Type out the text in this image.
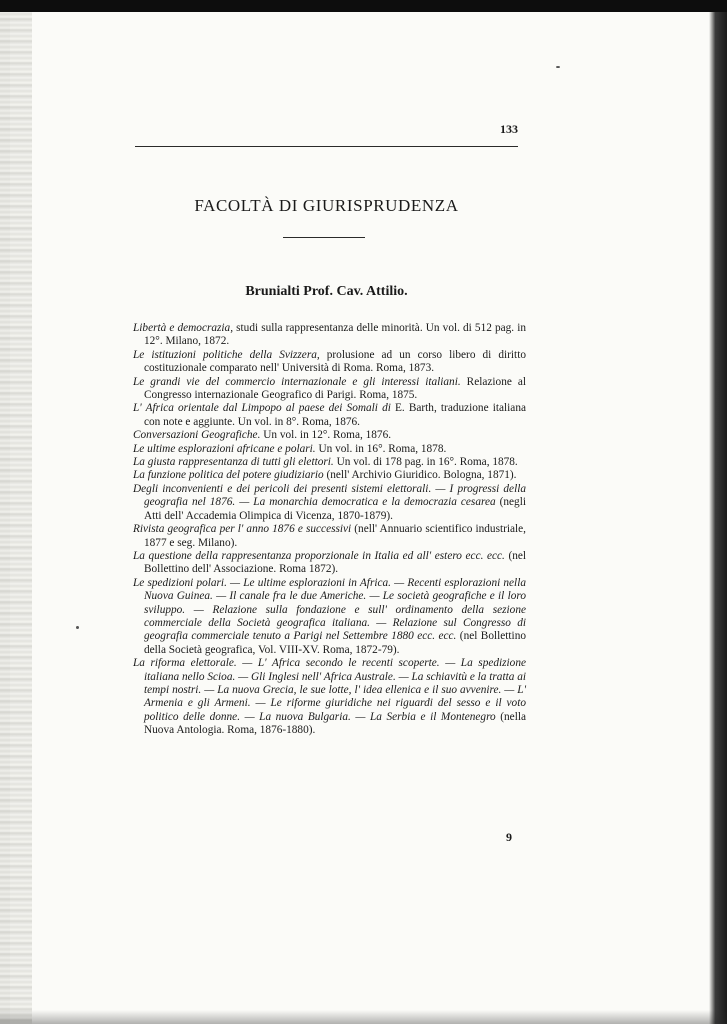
133
FACOLTÀ DI GIURISPRUDENZA
Brunialti Prof. Cav. Attilio.
Libertà e democrazia, studi sulla rappresentanza delle minorità. Un vol. di 512 pag. in 12°. Milano, 1872.
Le istituzioni politiche della Svizzera, prolusione ad un corso libero di diritto costituzionale comparato nell' Università di Roma. Roma, 1873.
Le grandi vie del commercio internazionale e gli interessi italiani. Relazione al Congresso internazionale Geografico di Parigi. Roma, 1875.
L' Africa orientale dal Limpopo al paese dei Somali di E. Barth, traduzione italiana con note e aggiunte. Un vol. in 8°. Roma, 1876.
Conversazioni Geografiche. Un vol. in 12°. Roma, 1876.
Le ultime esplorazioni africane e polari. Un vol. in 16°. Roma, 1878.
La giusta rappresentanza di tutti gli elettori. Un vol. di 178 pag. in 16°. Roma, 1878.
La funzione politica del potere giudiziario (nell' Archivio Giuridico. Bologna, 1871).
Degli inconvenienti e dei pericoli dei presenti sistemi elettorali. — I progressi della geografia nel 1876. — La monarchia democratica e la democrazia cesarea (negli Atti dell' Accademia Olimpica di Vicenza, 1870-1879).
Rivista geografica per l' anno 1876 e successivi (nell' Annuario scientifico industriale, 1877 e seg. Milano).
La questione della rappresentanza proporzionale in Italia ed all' estero ecc. ecc. (nel Bollettino dell' Associazione. Roma 1872).
Le spedizioni polari. — Le ultime esplorazioni in Africa. — Recenti esplorazioni nella Nuova Guinea. — Il canale fra le due Americhe. — Le società geografiche e il loro sviluppo. — Relazione sulla fondazione e sull' ordinamento della sezione commerciale della Società geografica italiana. — Relazione sul Congresso di geografia commerciale tenuto a Parigi nel Settembre 1880 ecc. ecc. (nel Bollettino della Società geografica, Vol. VIII-XV. Roma, 1872-79).
La riforma elettorale. — L' Africa secondo le recenti scoperte. — La spedizione italiana nello Scioa. — Gli Inglesi nell' Africa Australe. — La schiavitù e la tratta ai tempi nostri. — La nuova Grecia, le sue lotte, l' idea ellenica e il suo avvenire. — L' Armenia e gli Armeni. — Le riforme giuridiche nei riguardi del sesso e il voto politico delle donne. — La nuova Bulgaria. — La Serbia e il Montenegro (nella Nuova Antologia. Roma, 1876-1880).
9
